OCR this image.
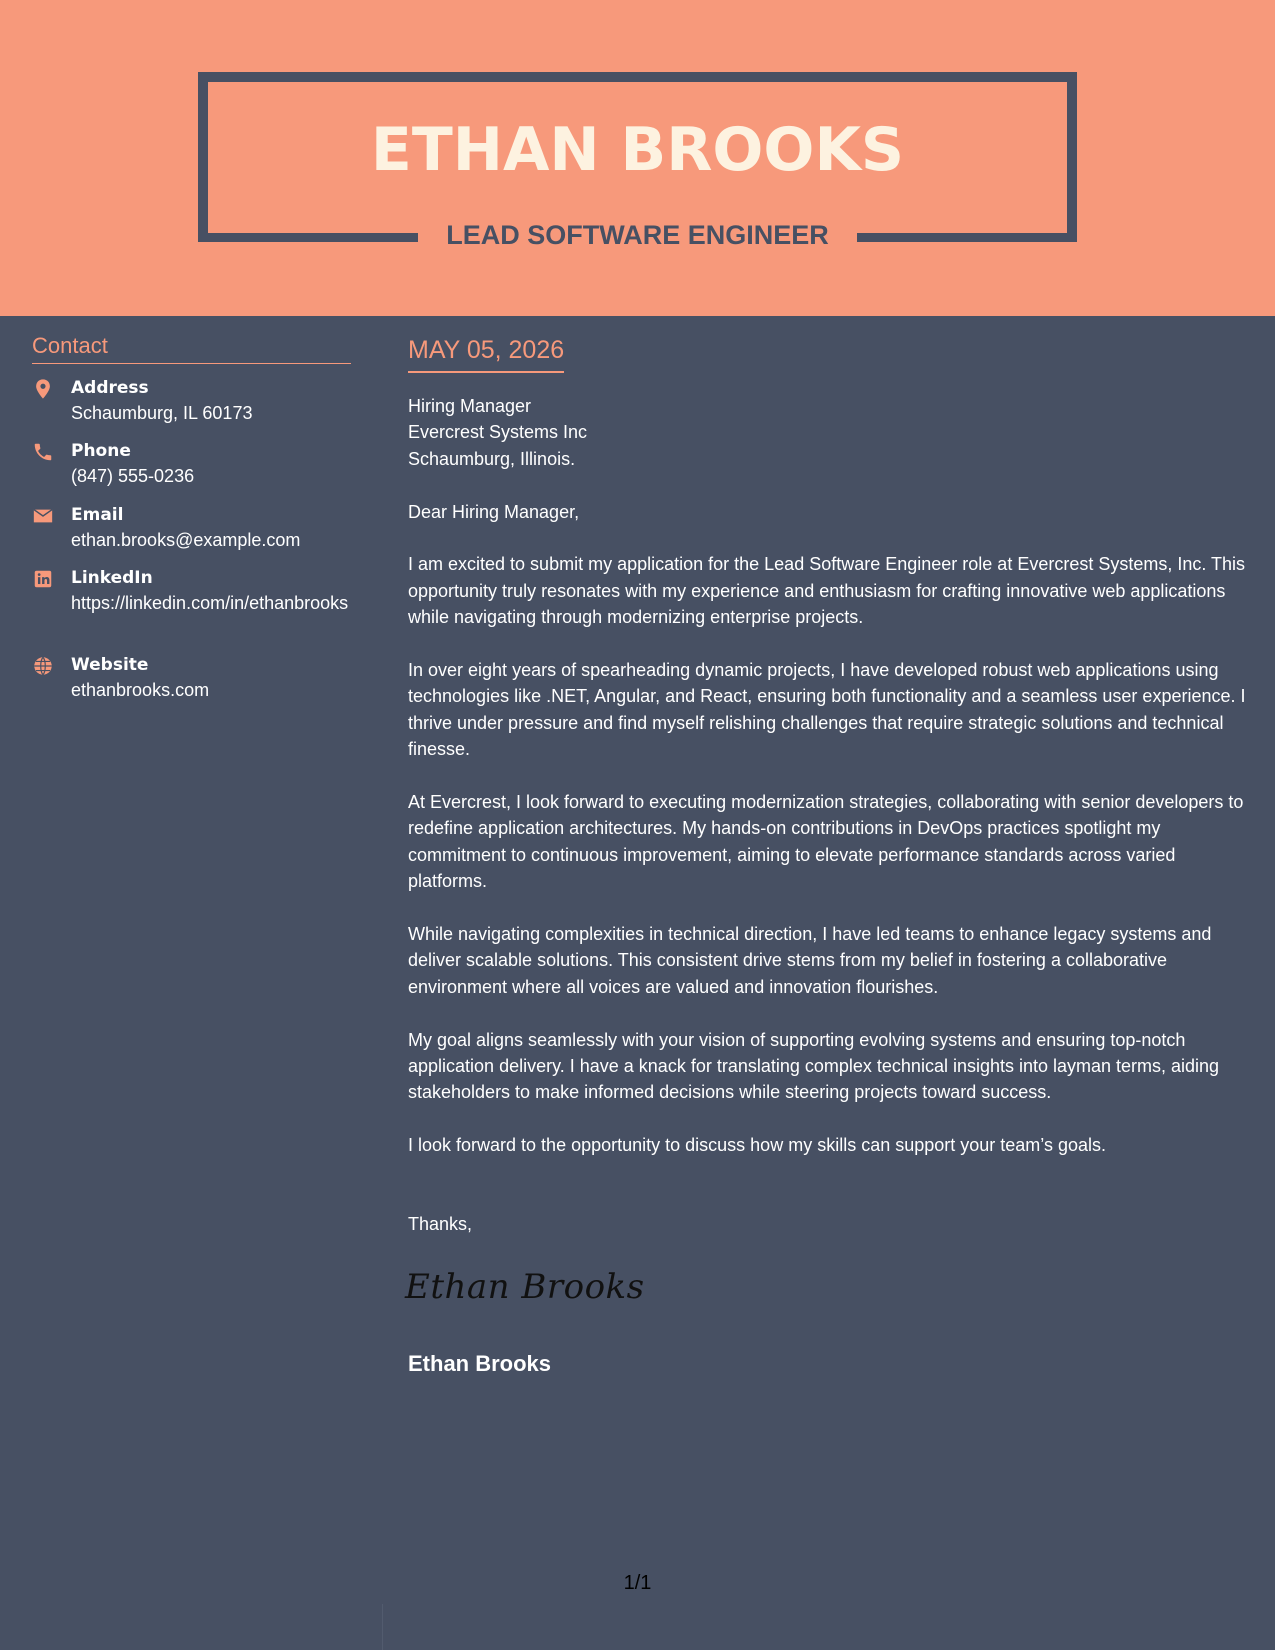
ETHAN BROOKS
LEAD SOFTWARE ENGINEER
Contact
Address
Schaumburg, IL 60173
Phone
(847) 555-0236
Email
ethan.brooks@example.com
LinkedIn
https://linkedin.com/in/ethanbrooks
Website
ethanbrooks.com
MAY 05, 2026

Hiring Manager
Evercrest Systems Inc
Schaumburg, Illinois.

Dear Hiring Manager,

I am excited to submit my application for the Lead Software Engineer role at Evercrest Systems, Inc. This opportunity truly resonates with my experience and enthusiasm for crafting innovative web applications while navigating through modernizing enterprise projects.

In over eight years of spearheading dynamic projects, I have developed robust web applications using technologies like .NET, Angular, and React, ensuring both functionality and a seamless user experience. I thrive under pressure and find myself relishing challenges that require strategic solutions and technical finesse.

At Evercrest, I look forward to executing modernization strategies, collaborating with senior developers to redefine application architectures. My hands-on contributions in DevOps practices spotlight my commitment to continuous improvement, aiming to elevate performance standards across varied platforms.

While navigating complexities in technical direction, I have led teams to enhance legacy systems and deliver scalable solutions. This consistent drive stems from my belief in fostering a collaborative environment where all voices are valued and innovation flourishes.

My goal aligns seamlessly with your vision of supporting evolving systems and ensuring top-notch application delivery. I have a knack for translating complex technical insights into layman terms, aiding stakeholders to make informed decisions while steering projects toward success.

I look forward to the opportunity to discuss how my skills can support your team’s goals.

Thanks,
Ethan Brooks
Ethan Brooks
1/1
